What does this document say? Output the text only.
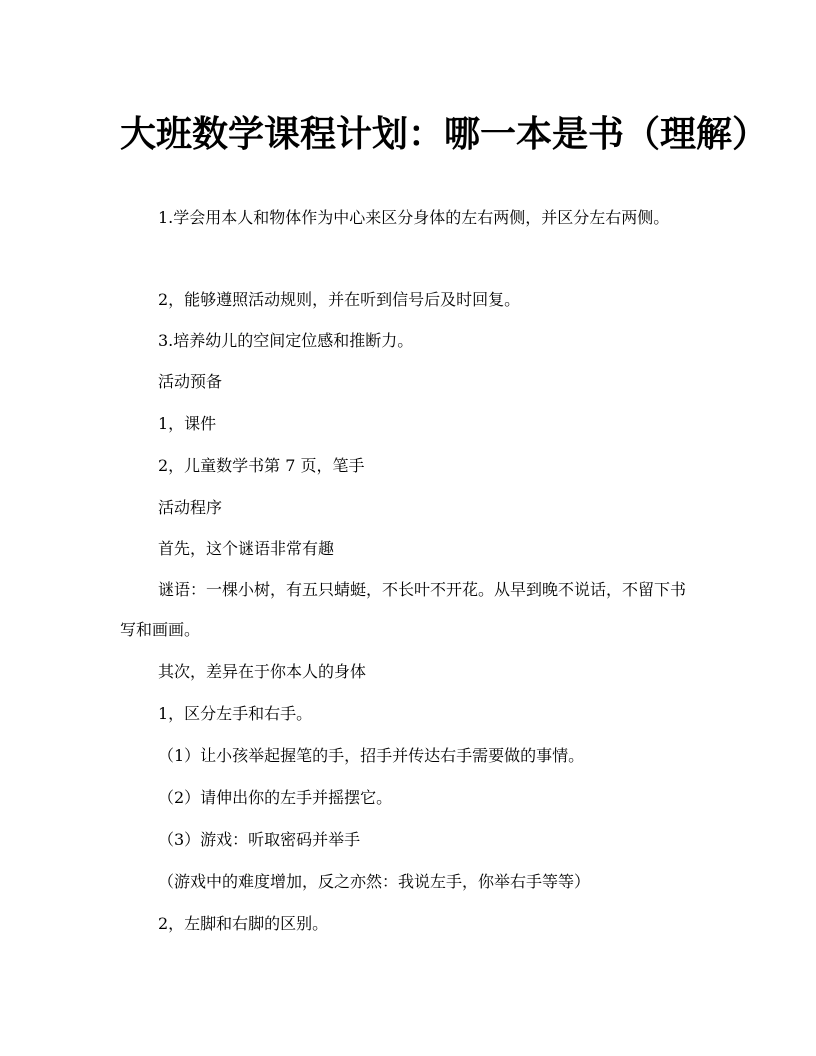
大班数学课程计划：哪一本是书（理解）
1.学会用本人和物体作为中心来区分身体的左右两侧，并区分左右两侧。
2，能够遵照活动规则，并在听到信号后及时回复。
3.培养幼儿的空间定位感和推断力。
活动预备
1，课件
2，儿童数学书第 7 页，笔手
活动程序
首先，这个谜语非常有趣
谜语：一棵小树，有五只蜻蜓，不长叶不开花。从早到晚不说话，不留下书写和画画。
其次，差异在于你本人的身体
1，区分左手和右手。
（1）让小孩举起握笔的手，招手并传达右手需要做的事情。
（2）请伸出你的左手并摇摆它。
（3）游戏：听取密码并举手
（游戏中的难度增加，反之亦然：我说左手，你举右手等等）
2，左脚和右脚的区别。
